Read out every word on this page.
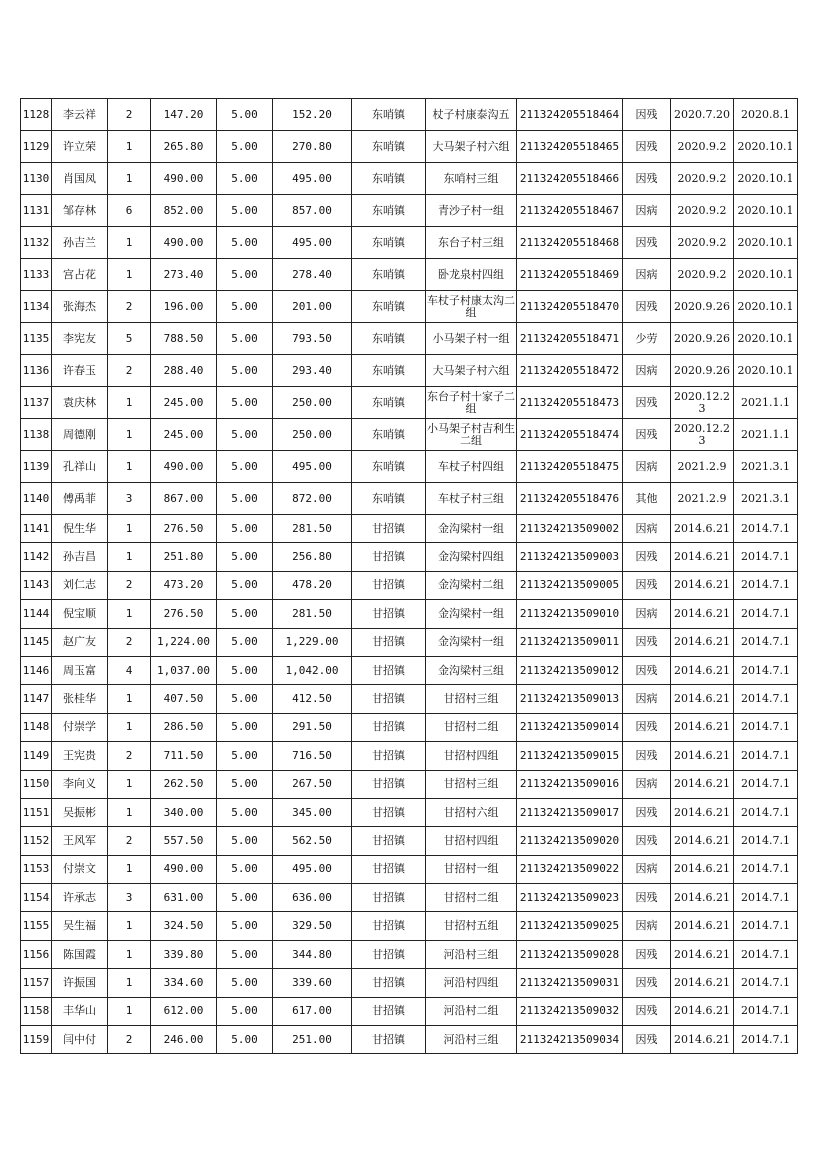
1128	李云祥	2	147.20	5.00	152.20	东哨镇	杖子村康泰沟五	211324205518464	因残	2020.7.20	2020.8.1
1129	许立荣	1	265.80	5.00	270.80	东哨镇	大马架子村六组	211324205518465	因残	2020.9.2	2020.10.1
1130	肖国凤	1	490.00	5.00	495.00	东哨镇	东哨村三组	211324205518466	因残	2020.9.2	2020.10.1
1131	邹存林	6	852.00	5.00	857.00	东哨镇	青沙子村一组	211324205518467	因病	2020.9.2	2020.10.1
1132	孙吉兰	1	490.00	5.00	495.00	东哨镇	东台子村三组	211324205518468	因残	2020.9.2	2020.10.1
1133	宫占花	1	273.40	5.00	278.40	东哨镇	卧龙泉村四组	211324205518469	因病	2020.9.2	2020.10.1
1134	张海杰	2	196.00	5.00	201.00	东哨镇	车杖子村康太沟二组	211324205518470	因残	2020.9.26	2020.10.1
1135	李宪友	5	788.50	5.00	793.50	东哨镇	小马架子村一组	211324205518471	少劳	2020.9.26	2020.10.1
1136	许春玉	2	288.40	5.00	293.40	东哨镇	大马架子村六组	211324205518472	因病	2020.9.26	2020.10.1
1137	袁庆林	1	245.00	5.00	250.00	东哨镇	东台子村十家子二组	211324205518473	因残	2020.12.23	2021.1.1
1138	周德刚	1	245.00	5.00	250.00	东哨镇	小马架子村吉利生二组	211324205518474	因残	2020.12.23	2021.1.1
1139	孔祥山	1	490.00	5.00	495.00	东哨镇	车杖子村四组	211324205518475	因病	2021.2.9	2021.3.1
1140	傅禹菲	3	867.00	5.00	872.00	东哨镇	车杖子村三组	211324205518476	其他	2021.2.9	2021.3.1
1141	倪生华	1	276.50	5.00	281.50	甘招镇	金沟梁村一组	211324213509002	因病	2014.6.21	2014.7.1
1142	孙吉昌	1	251.80	5.00	256.80	甘招镇	金沟梁村四组	211324213509003	因残	2014.6.21	2014.7.1
1143	刘仁志	2	473.20	5.00	478.20	甘招镇	金沟梁村二组	211324213509005	因残	2014.6.21	2014.7.1
1144	倪宝顺	1	276.50	5.00	281.50	甘招镇	金沟梁村一组	211324213509010	因病	2014.6.21	2014.7.1
1145	赵广友	2	1,224.00	5.00	1,229.00	甘招镇	金沟梁村一组	211324213509011	因残	2014.6.21	2014.7.1
1146	周玉富	4	1,037.00	5.00	1,042.00	甘招镇	金沟梁村三组	211324213509012	因残	2014.6.21	2014.7.1
1147	张桂华	1	407.50	5.00	412.50	甘招镇	甘招村三组	211324213509013	因病	2014.6.21	2014.7.1
1148	付崇学	1	286.50	5.00	291.50	甘招镇	甘招村二组	211324213509014	因残	2014.6.21	2014.7.1
1149	王宪贵	2	711.50	5.00	716.50	甘招镇	甘招村四组	211324213509015	因残	2014.6.21	2014.7.1
1150	李向义	1	262.50	5.00	267.50	甘招镇	甘招村三组	211324213509016	因病	2014.6.21	2014.7.1
1151	吴振彬	1	340.00	5.00	345.00	甘招镇	甘招村六组	211324213509017	因残	2014.6.21	2014.7.1
1152	王风军	2	557.50	5.00	562.50	甘招镇	甘招村四组	211324213509020	因残	2014.6.21	2014.7.1
1153	付崇文	1	490.00	5.00	495.00	甘招镇	甘招村一组	211324213509022	因病	2014.6.21	2014.7.1
1154	许承志	3	631.00	5.00	636.00	甘招镇	甘招村二组	211324213509023	因残	2014.6.21	2014.7.1
1155	吴生福	1	324.50	5.00	329.50	甘招镇	甘招村五组	211324213509025	因病	2014.6.21	2014.7.1
1156	陈国霞	1	339.80	5.00	344.80	甘招镇	河沿村三组	211324213509028	因残	2014.6.21	2014.7.1
1157	许振国	1	334.60	5.00	339.60	甘招镇	河沿村四组	211324213509031	因残	2014.6.21	2014.7.1
1158	丰华山	1	612.00	5.00	617.00	甘招镇	河沿村二组	211324213509032	因残	2014.6.21	2014.7.1
1159	闫中付	2	246.00	5.00	251.00	甘招镇	河沿村三组	211324213509034	因残	2014.6.21	2014.7.1
